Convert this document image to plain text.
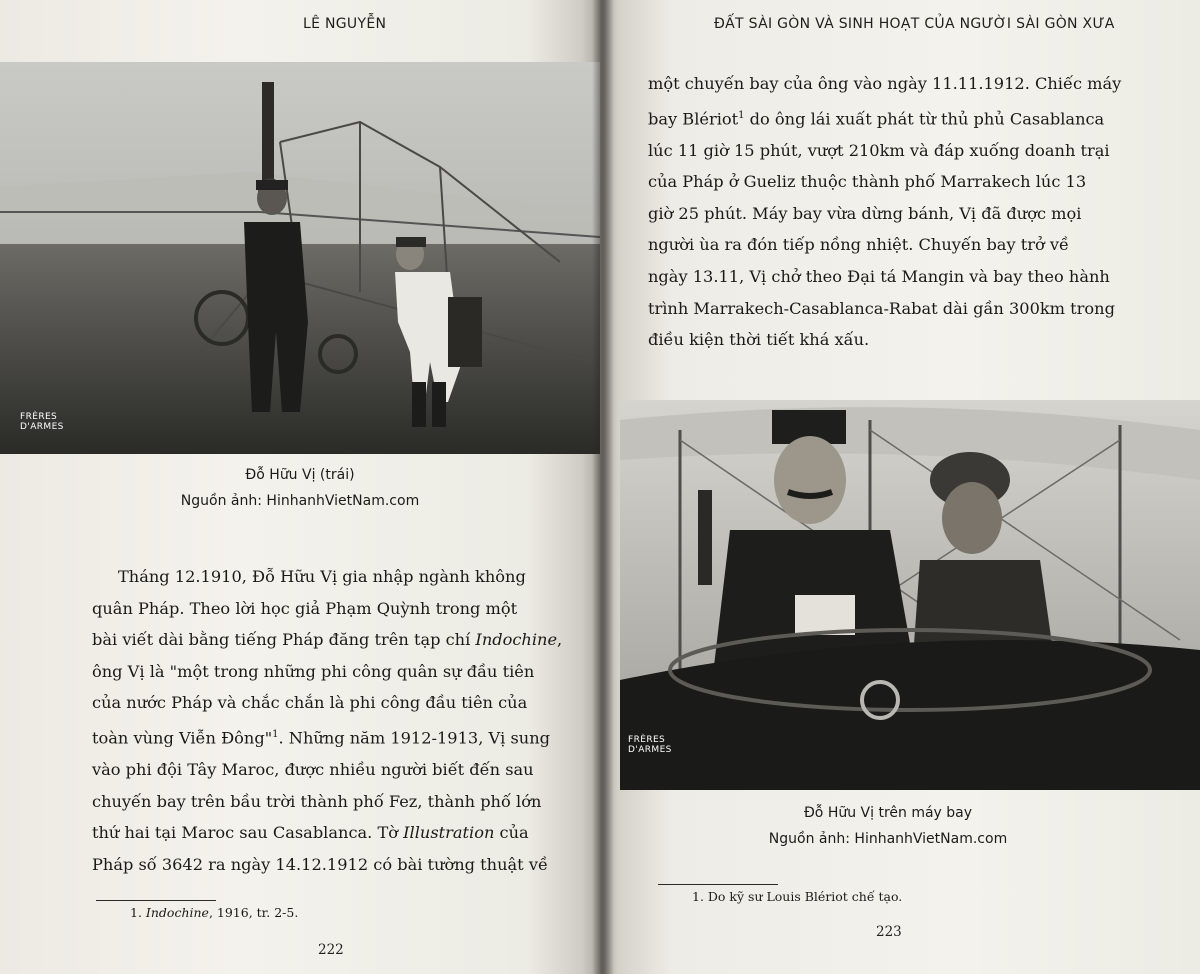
LÊ NGUYỄN
FRÈRES
D'ARMES
Đỗ Hữu Vị (trái)
Nguồn ảnh: HinhanhVietNam.com

Tháng 12.1910, Đỗ Hữu Vị gia nhập ngành không

quân Pháp. Theo lời học giả Phạm Quỳnh trong một

bài viết dài bằng tiếng Pháp đăng trên tạp chí Indochine,

ông Vị là "một trong những phi công quân sự đầu tiên

của nước Pháp và chắc chắn là phi công đầu tiên của

toàn vùng Viễn Đông"$^1$. Những năm 1912-1913, Vị sung

vào phi đội Tây Maroc, được nhiều người biết đến sau

chuyến bay trên bầu trời thành phố Fez, thành phố lớn

thứ hai tại Maroc sau Casablanca. Tờ Illustration của

Pháp số 3642 ra ngày 14.12.1912 có bài tường thuật về

1. Indochine, 1916, tr. 2-5.
222
ĐẤT SÀI GÒN VÀ SINH HOẠT CỦA NGƯỜI SÀI GÒN XƯA

một chuyến bay của ông vào ngày 11.11.1912. Chiếc máy

bay Blériot$^1$ do ông lái xuất phát từ thủ phủ Casablanca

lúc 11 giờ 15 phút, vượt 210km và đáp xuống doanh trại

của Pháp ở Gueliz thuộc thành phố Marrakech lúc 13

giờ 25 phút. Máy bay vừa dừng bánh, Vị đã được mọi

người ùa ra đón tiếp nồng nhiệt. Chuyến bay trở về

ngày 13.11, Vị chở theo Đại tá Mangin và bay theo hành

trình Marrakech-Casablanca-Rabat dài gần 300km trong

điều kiện thời tiết khá xấu.

FRÈRES
D'ARMES
Đỗ Hữu Vị trên máy bay
Nguồn ảnh: HinhanhVietNam.com
1. Do kỹ sư Louis Blériot chế tạo.
223
